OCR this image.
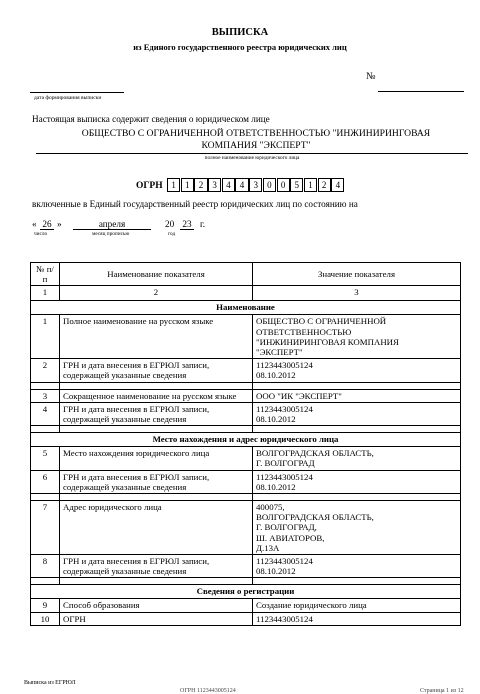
ВЫПИСКА
из Единого государственного реестра юридических лиц
№
дата формирования выписки
Настоящая выписка содержит сведения о юридическом лице
ОБЩЕСТВО С ОГРАНИЧЕННОЙ ОТВЕТСТВЕННОСТЬЮ "ИНЖИНИРИНГОВАЯ
КОМПАНИЯ "ЭКСПЕРТ"
полное наименование юридического лица
ОГРН 1	1	2	3	4	4	3	0	0	5	1	2	4
включенные в Единый государственный реестр юридических лиц по состоянию на
« 26 »	апреля	20 23 г.
число	месяц прописью	год
№ п/п	Наименование показателя	Значение показателя
1	2	3
Наименование		
1	Полное наименование на русском языке	ОБЩЕСТВО С ОГРАНИЧЕННОЙ
ОТВЕТСТВЕННОСТЬЮ
"ИНЖИНИРИНГОВАЯ КОМПАНИЯ
"ЭКСПЕРТ"
2	ГРН и дата внесения в ЕГРЮЛ записи, содержащей указанные сведения	1123443005124
08.10.2012

3	Сокращенное наименование на русском языке	ООО "ИК "ЭКСПЕРТ"
4	ГРН и дата внесения в ЕГРЮЛ записи, содержащей указанные сведения	1123443005124
08.10.2012

Место нахождения и адрес юридического лица		
5	Место нахождения юридического лица	ВОЛГОГРАДСКАЯ ОБЛАСТЬ,
Г. ВОЛГОГРАД
6	ГРН и дата внесения в ЕГРЮЛ записи, содержащей указанные сведения	1123443005124
08.10.2012

7	Адрес юридического лица	400075,
ВОЛГОГРАДСКАЯ ОБЛАСТЬ,
Г. ВОЛГОГРАД,
Ш. АВИАТОРОВ,
Д.13А
8	ГРН и дата внесения в ЕГРЮЛ записи, содержащей указанные сведения	1123443005124
08.10.2012

Сведения о регистрации		
9	Способ образования	Создание юридического лица
10	ОГРН	1123443005124
Выписка из ЕГРЮЛ
ОГРН 1123443005124	Страница 1 из 12
